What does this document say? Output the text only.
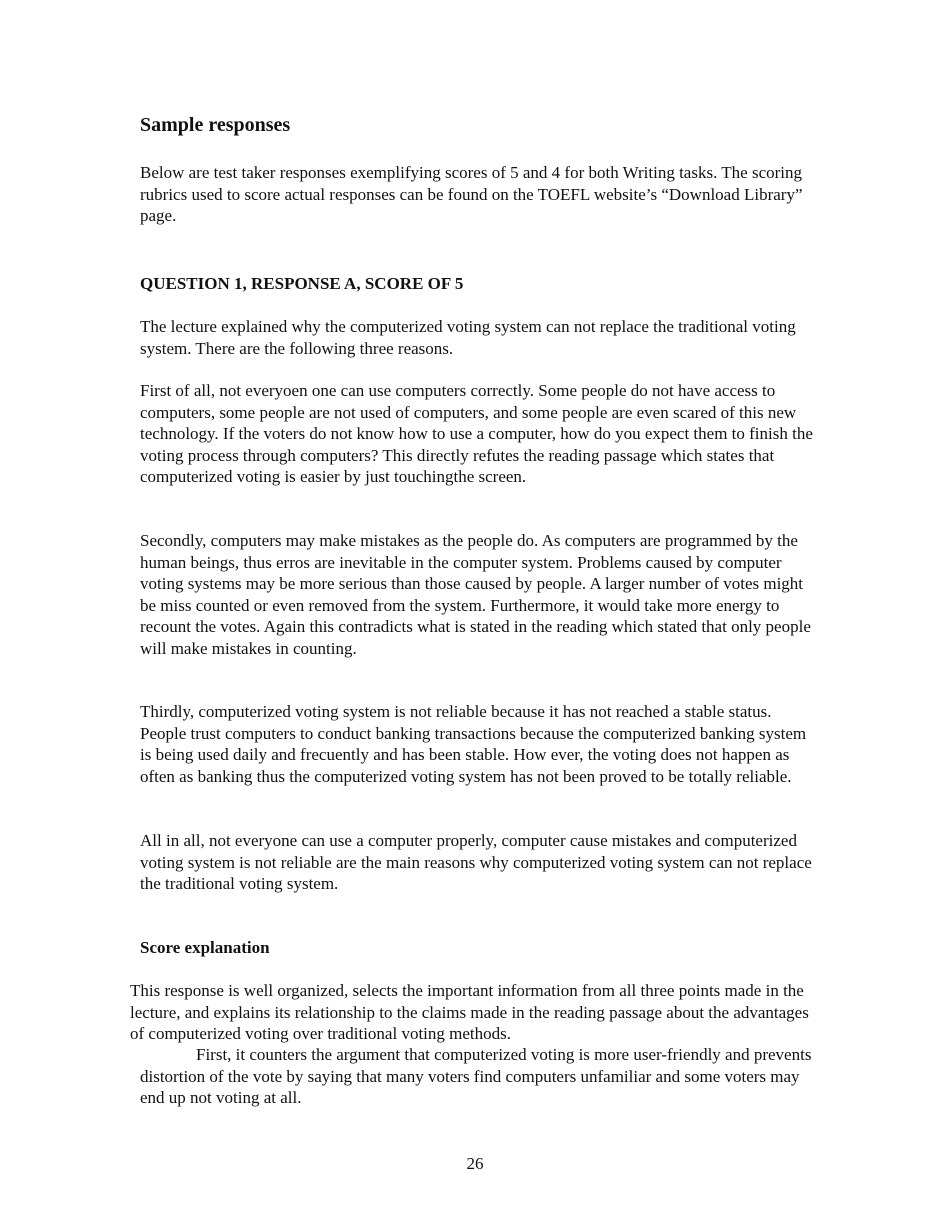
Sample responses

Below are test taker responses exemplifying scores of 5 and 4 for both Writing tasks. The scoring rubrics used to score actual responses can be found on the TOEFL website’s “Download Library” page.

QUESTION 1, RESPONSE A, SCORE OF 5

The lecture explained why the computerized voting system can not replace the traditional voting system. There are the following three reasons.

First of all, not everyoen one can use computers correctly. Some people do not have access to computers, some people are not used of computers, and some people are even scared of this new technology. If the voters do not know how to use a computer, how do you expect them to finish the voting process through computers? This directly refutes the reading passage which states that computerized voting is easier by just touchingthe screen.

Secondly, computers may make mistakes as the people do. As computers are programmed by the human beings, thus erros are inevitable in the computer system. Problems caused by computer voting systems may be more serious than those caused by people. A larger number of votes might be miss counted or even removed from the system. Furthermore, it would take more energy to recount the votes. Again this contradicts what is stated in the reading which stated that only people will make mistakes in counting.

Thirdly, computerized voting system is not reliable because it has not reached a stable status. People trust computers to conduct banking transactions because the computerized banking system is being used daily and frecuently and has been stable. How ever, the voting does not happen as often as banking thus the computerized voting system has not been proved to be totally reliable.

All in all, not everyone can use a computer properly, computer cause mistakes and computerized voting system is not reliable are the main reasons why computerized voting system can not replace the traditional voting system.

Score explanation

This response is well organized, selects the important information from all three points made in the lecture, and explains its relationship to the claims made in the reading passage about the advantages of computerized voting over traditional voting methods.

First, it counters the argument that computerized voting is more user-friendly and prevents distortion of the vote by saying that many voters find computers unfamiliar and some voters may end up not voting at all.

26
